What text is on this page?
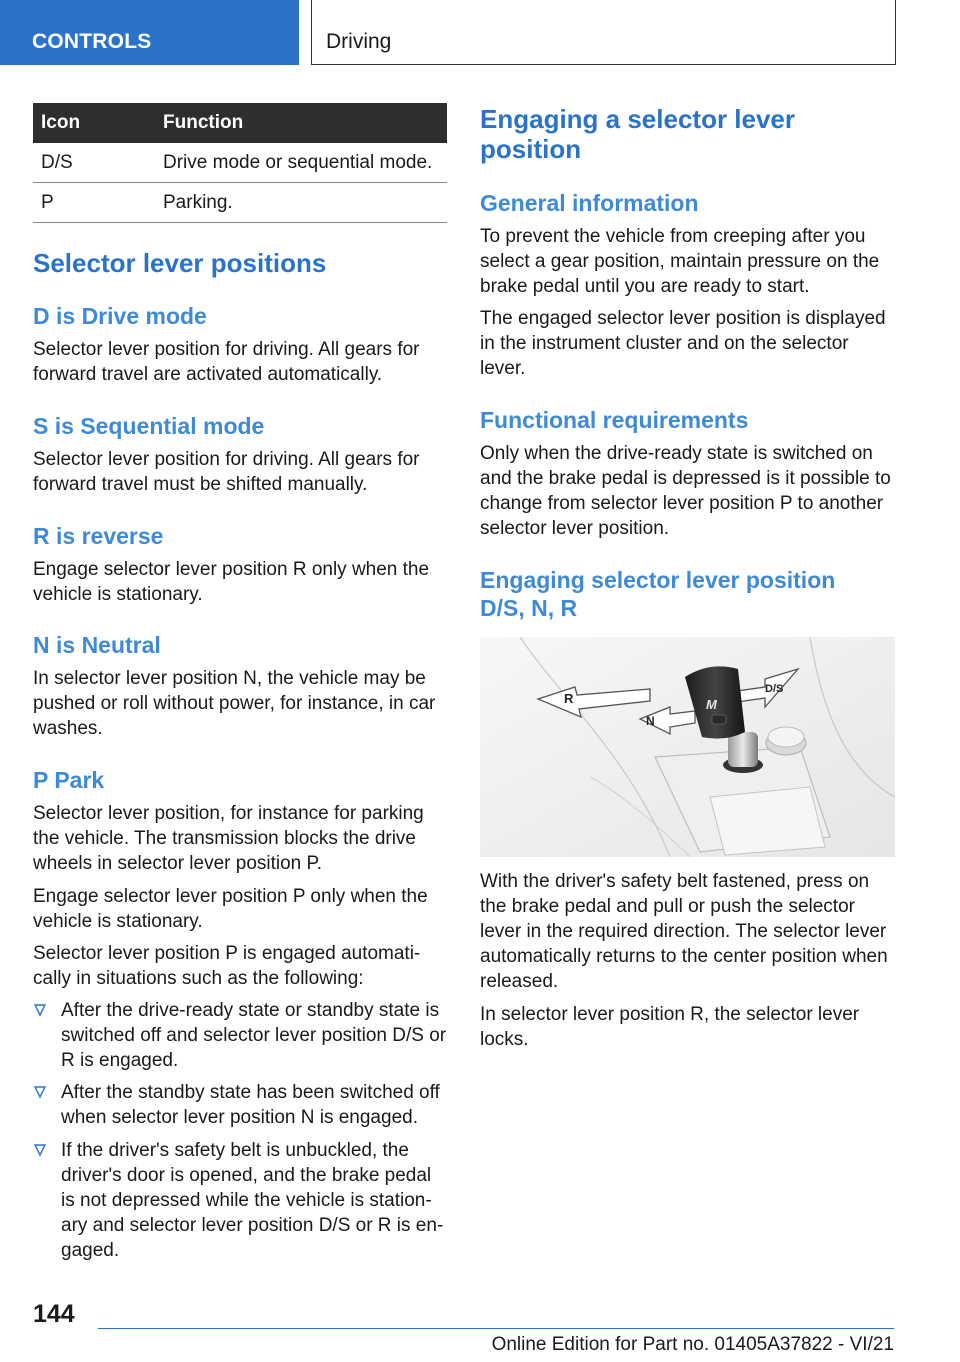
CONTROLS	Driving
Icon	Function
D/S	Drive mode or sequential mode.
P	Parking.
Selector lever positions
D is Drive mode

Selector lever position for driving. All gears for forward travel are activated automatically.

S is Sequential mode

Selector lever position for driving. All gears for forward travel must be shifted manually.

R is reverse

Engage selector lever position R only when the vehicle is stationary.

N is Neutral

In selector lever position N, the vehicle may be pushed or roll without power, for instance, in car washes.

P Park

Selector lever position, for instance for parking the vehicle. The transmission blocks the drive wheels in selector lever position P.

Engage selector lever position P only when the vehicle is stationary.

Selector lever position P is engaged automati-cally in situations such as the following:

After the drive-ready state or standby state is switched off and selector lever position D/S or R is engaged.
After the standby state has been switched off when selector lever position N is engaged.
If the driver's safety belt is unbuckled, the driver's door is opened, and the brake pedal is not depressed while the vehicle is station-ary and selector lever position D/S or R is en-gaged.
Engaging a selector lever position
General information

To prevent the vehicle from creeping after you select a gear position, maintain pressure on the brake pedal until you are ready to start.

The engaged selector lever position is displayed in the instrument cluster and on the selector lever.

Functional requirements

Only when the drive-ready state is switched on and the brake pedal is depressed is it possible to change from selector lever position P to another selector lever position.

Engaging selector lever position D/S, N, R
R
N
D/S
M

With the driver's safety belt fastened, press on the brake pedal and pull or push the selector lever in the required direction. The selector lever automatically returns to the center position when released.

In selector lever position R, the selector lever locks.

144
Online Edition for Part no. 01405A37822 - VI/21
